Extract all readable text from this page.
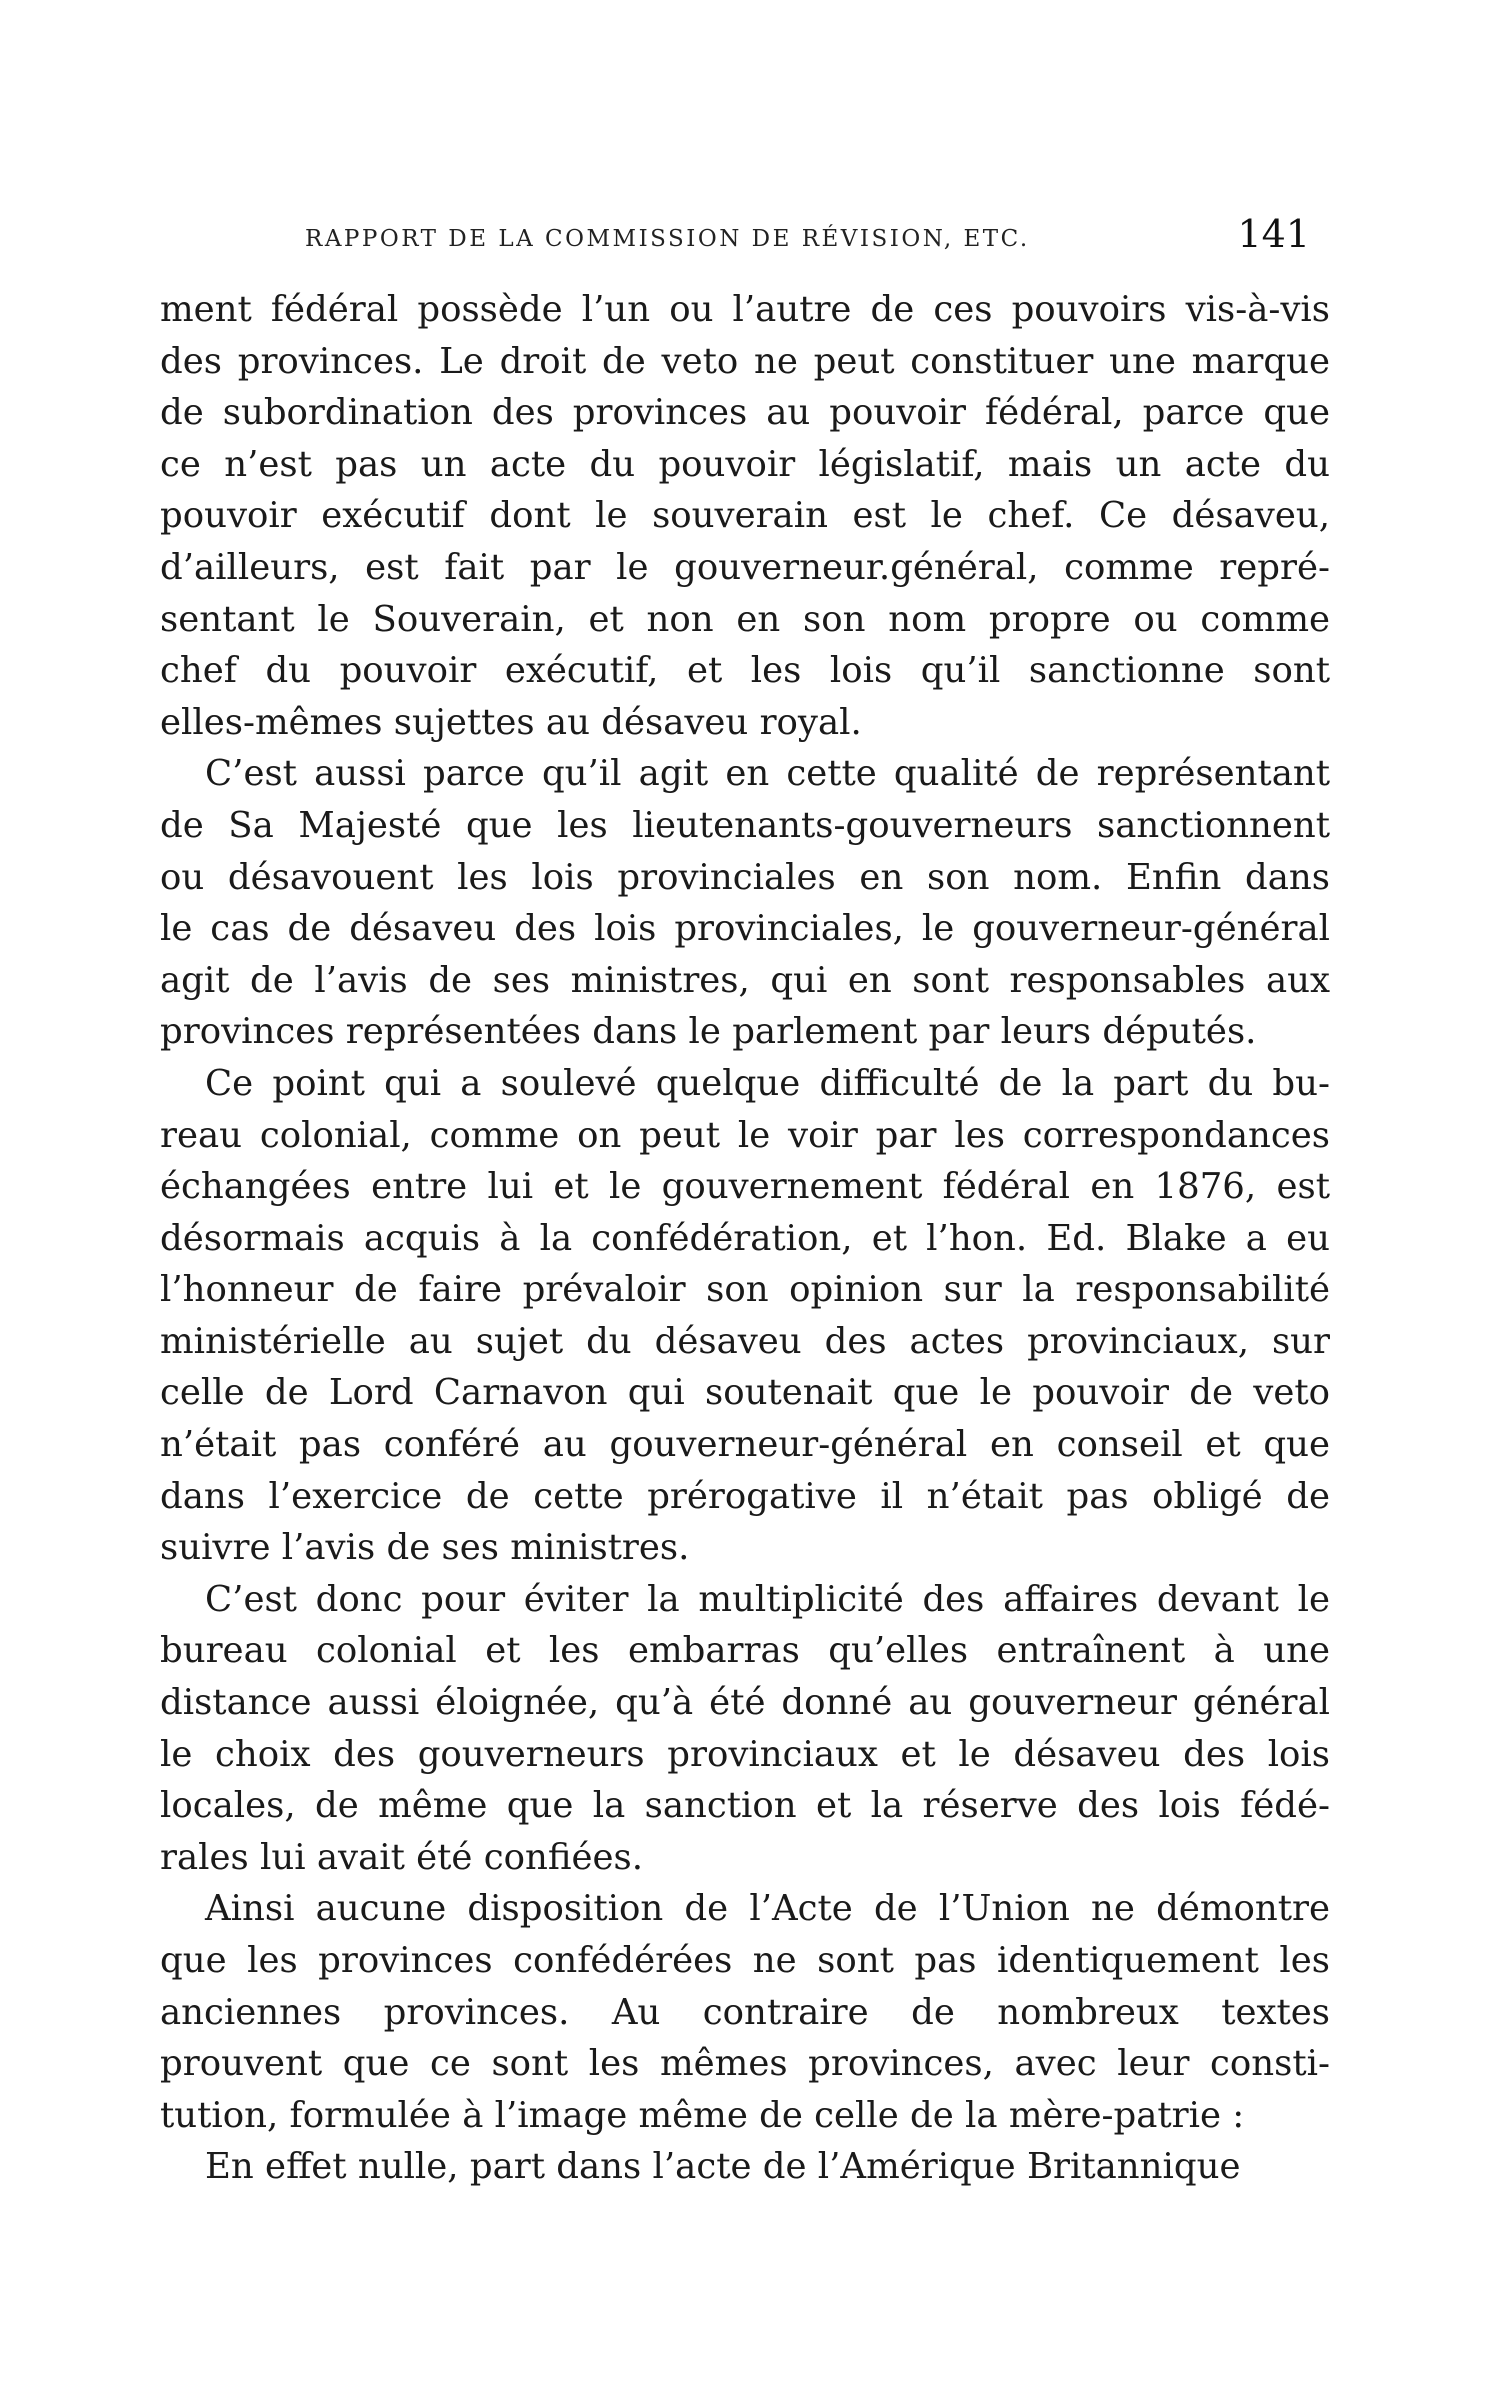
RAPPORT DE LA COMMISSION DE RÉVISION, ETC.	141
ment fédéral possède l’un ou l’autre de ces pouvoirs vis-à-vis
des provinces. Le droit de veto ne peut constituer une marque
de subordination des provinces au pouvoir fédéral, parce que
ce n’est pas un acte du pouvoir législatif, mais un acte du
pouvoir exécutif dont le souverain est le chef. Ce désaveu,
d’ailleurs, est fait par le gouverneur.général, comme repré-
sentant le Souverain, et non en son nom propre ou comme
chef du pouvoir exécutif, et les lois qu’il sanctionne sont
elles-mêmes sujettes au désaveu royal.
C’est aussi parce qu’il agit en cette qualité de représentant
de Sa Majesté que les lieutenants-gouverneurs sanctionnent
ou désavouent les lois provinciales en son nom. Enfin dans
le cas de désaveu des lois provinciales, le gouverneur-général
agit de l’avis de ses ministres, qui en sont responsables aux
provinces représentées dans le parlement par leurs députés.
Ce point qui a soulevé quelque difficulté de la part du bu-
reau colonial, comme on peut le voir par les correspondances
échangées entre lui et le gouvernement fédéral en 1876, est
désormais acquis à la confédération, et l’hon. Ed. Blake a eu
l’honneur de faire prévaloir son opinion sur la responsabilité
ministérielle au sujet du désaveu des actes provinciaux, sur
celle de Lord Carnavon qui soutenait que le pouvoir de veto
n’était pas conféré au gouverneur-général en conseil et que
dans l’exercice de cette prérogative il n’était pas obligé de
suivre l’avis de ses ministres.
C’est donc pour éviter la multiplicité des affaires devant le
bureau colonial et les embarras qu’elles entraînent à une
distance aussi éloignée, qu’à été donné au gouverneur général
le choix des gouverneurs provinciaux et le désaveu des lois
locales, de même que la sanction et la réserve des lois fédé-
rales lui avait été confiées.
Ainsi aucune disposition de l’Acte de l’Union ne démontre
que les provinces confédérées ne sont pas identiquement les
anciennes provinces. Au contraire de nombreux textes
prouvent que ce sont les mêmes provinces, avec leur consti-
tution, formulée à l’image même de celle de la mère-patrie :
En effet nulle, part dans l’acte de l’Amérique Britannique
